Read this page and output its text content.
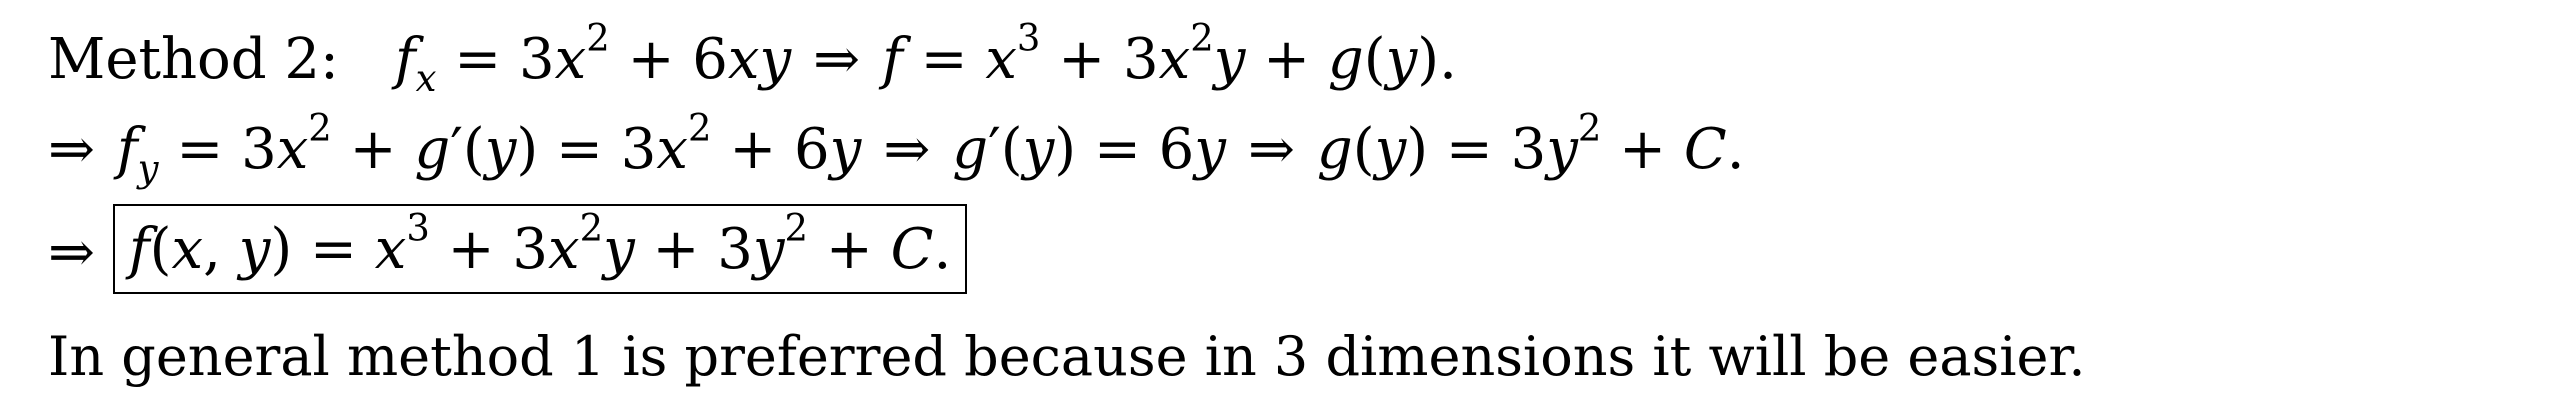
Method 2: $f_x = 3x^2 + 6xy$ ⇒ $f = x^3 + 3x^2y + g(y)$.
⇒ $f_y = 3x^2 + g'(y) = 3x^2 + 6y$ ⇒ g′(y) = 6y ⇒ $g(y) = 3y^2 + C$.
⇒ f(x, $y) = x^3 + 3x^2y + 3y^2 + C$.
In general method 1 is preferred because in 3 dimensions it will be easier.
